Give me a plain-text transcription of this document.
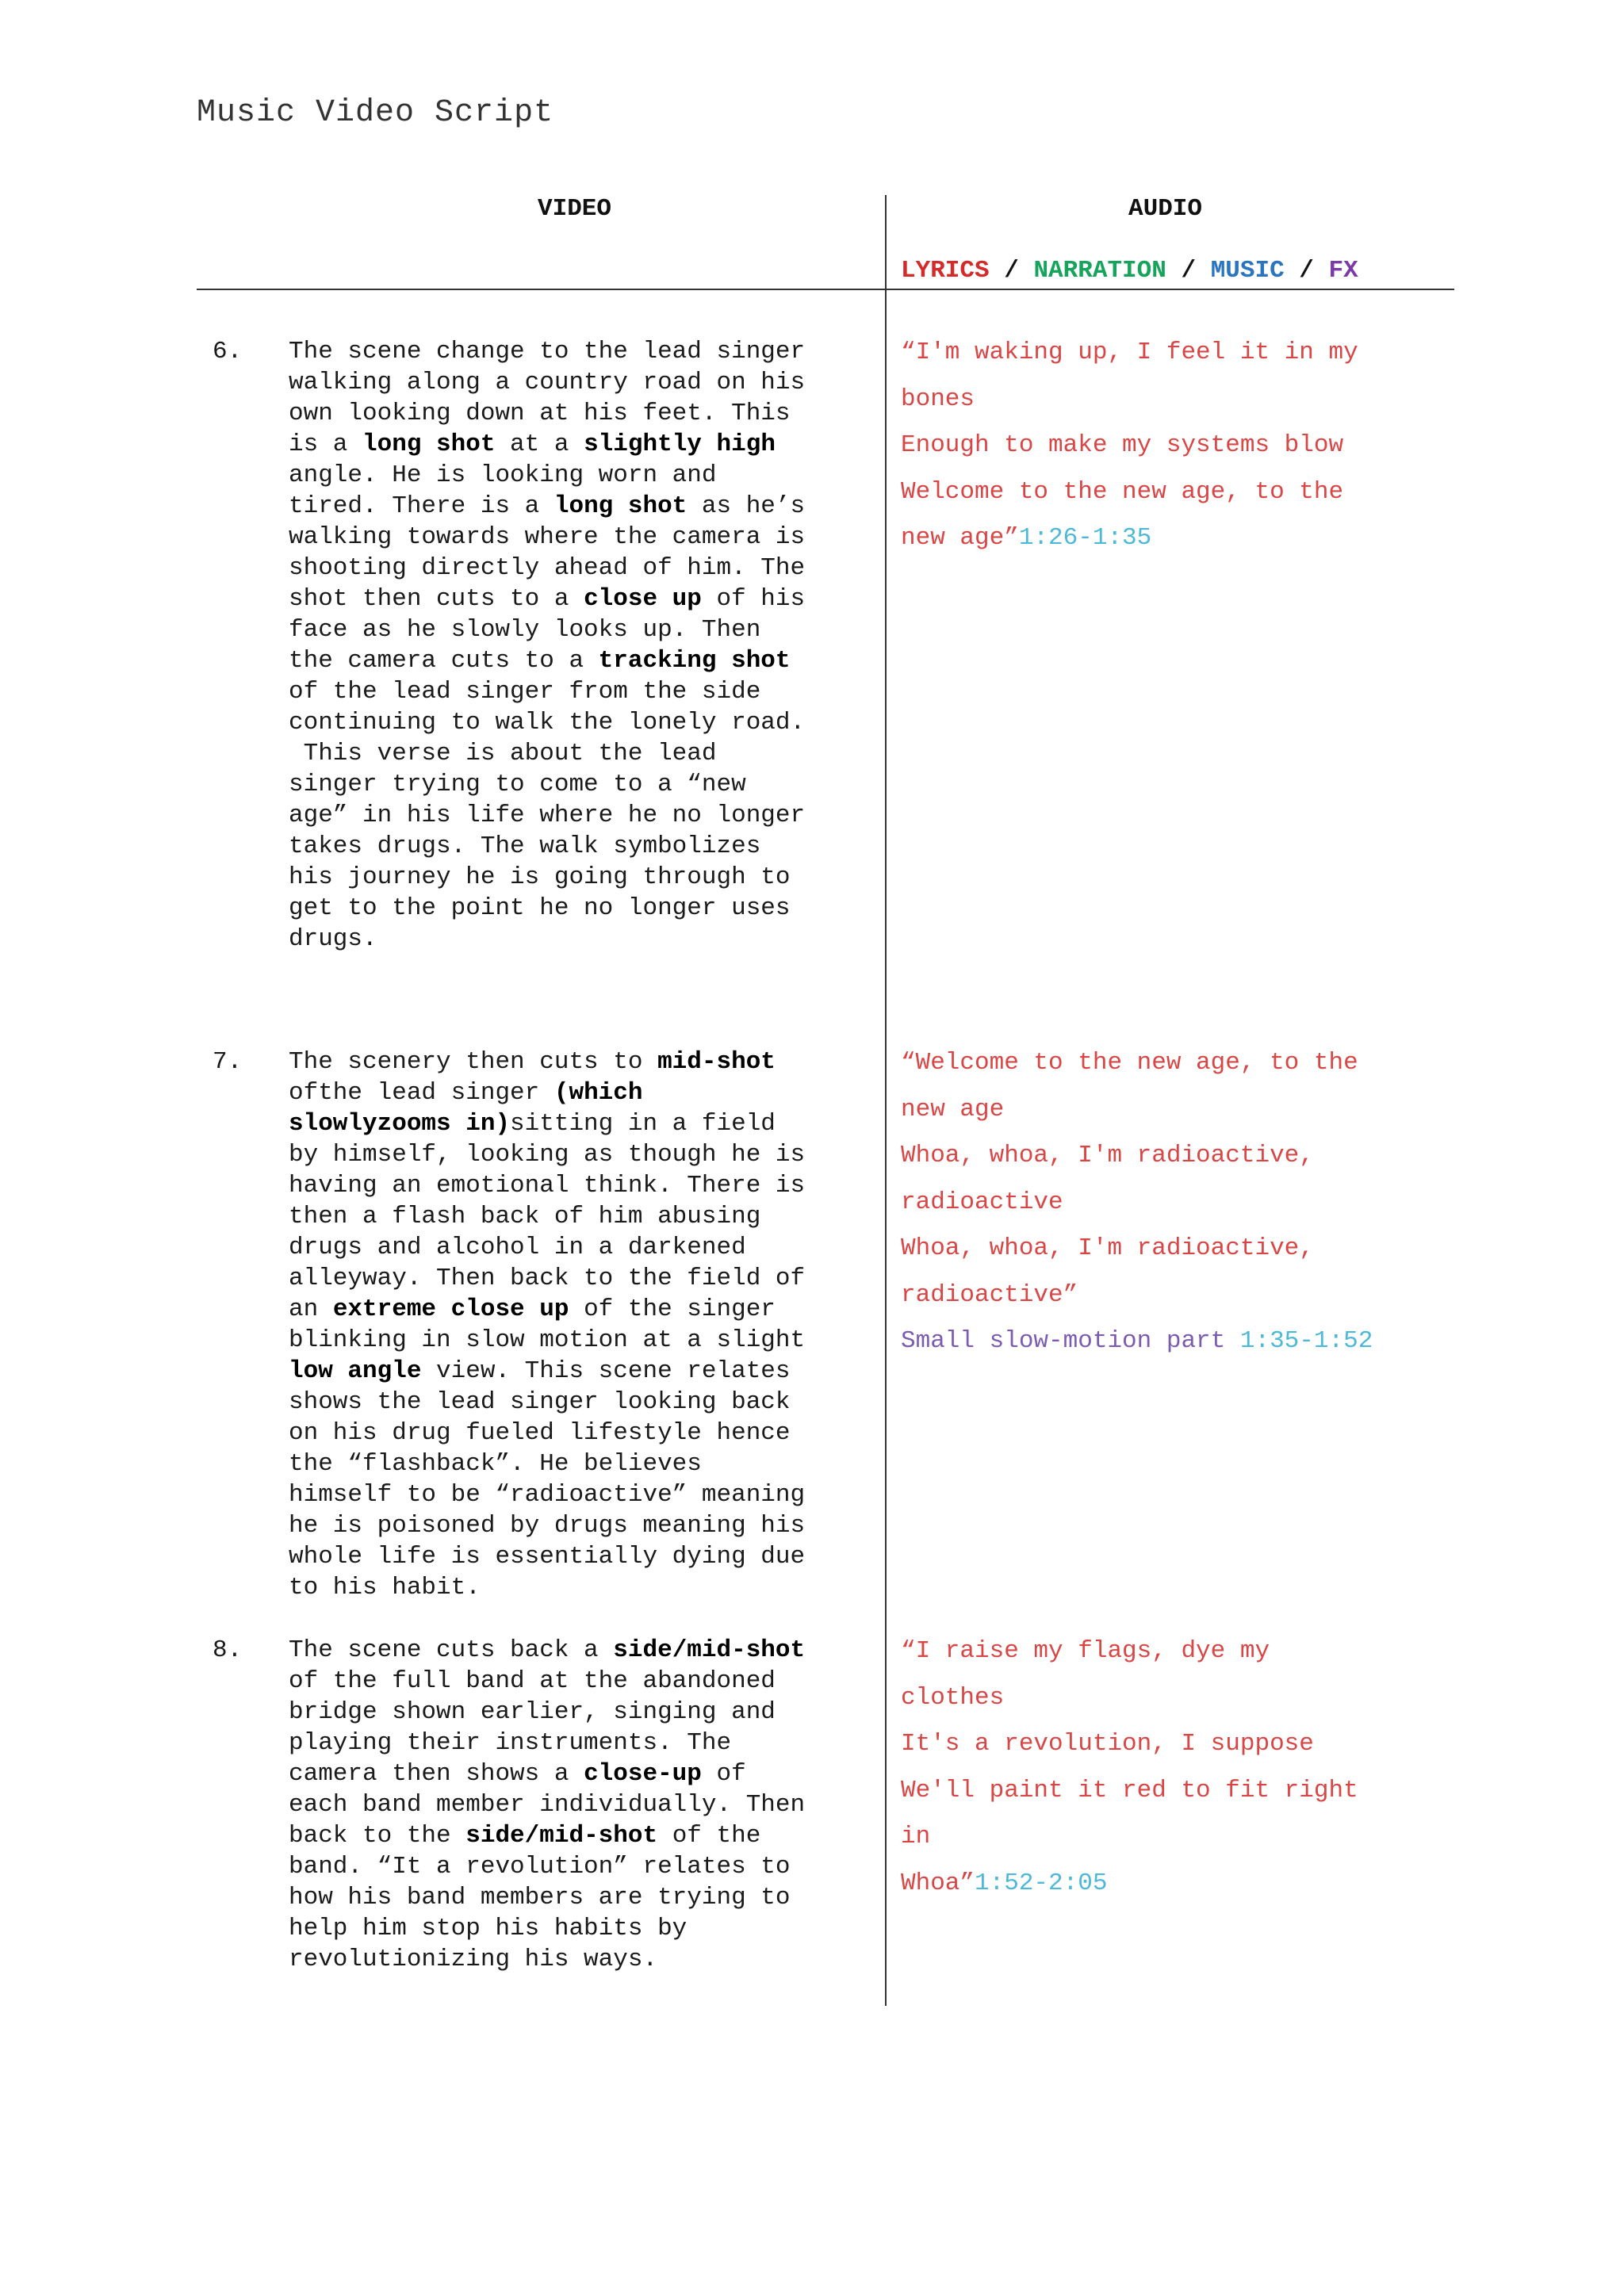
Music Video Script
VIDEO	AUDIO
LYRICS / NARRATION / MUSIC / FX
6. The scene change to the lead singer
walking along a country road on his
own looking down at his feet. This
is a long shot at a slightly high
angle. He is looking worn and
tired. There is a long shot as he’s
walking towards where the camera is
shooting directly ahead of him. The
shot then cuts to a close up of his
face as he slowly looks up. Then
the camera cuts to a tracking shot
of the lead singer from the side
continuing to walk the lonely road.
This verse is about the lead
singer trying to come to a “new
age” in his life where he no longer
takes drugs. The walk symbolizes
his journey he is going through to
get to the point he no longer uses
drugs.
“I'm waking up, I feel it in my
bones
Enough to make my systems blow
Welcome to the new age, to the
new age”1:26-1:35
7. The scenery then cuts to mid-shot
ofthe lead singer (which
slowlyzooms in)sitting in a field
by himself, looking as though he is
having an emotional think. There is
then a flash back of him abusing
drugs and alcohol in a darkened
alleyway. Then back to the field of
an extreme close up of the singer
blinking in slow motion at a slight
low angle view. This scene relates
shows the lead singer looking back
on his drug fueled lifestyle hence
the “flashback”. He believes
himself to be “radioactive” meaning
he is poisoned by drugs meaning his
whole life is essentially dying due
to his habit.
“Welcome to the new age, to the
new age
Whoa, whoa, I'm radioactive,
radioactive
Whoa, whoa, I'm radioactive,
radioactive”
Small slow-motion part 1:35-1:52
8. The scene cuts back a side/mid-shot
of the full band at the abandoned
bridge shown earlier, singing and
playing their instruments. The
camera then shows a close-up of
each band member individually. Then
back to the side/mid-shot of the
band. “It a revolution” relates to
how his band members are trying to
help him stop his habits by
revolutionizing his ways.
“I raise my flags, dye my
clothes
It's a revolution, I suppose
We'll paint it red to fit right
in
Whoa”1:52-2:05
